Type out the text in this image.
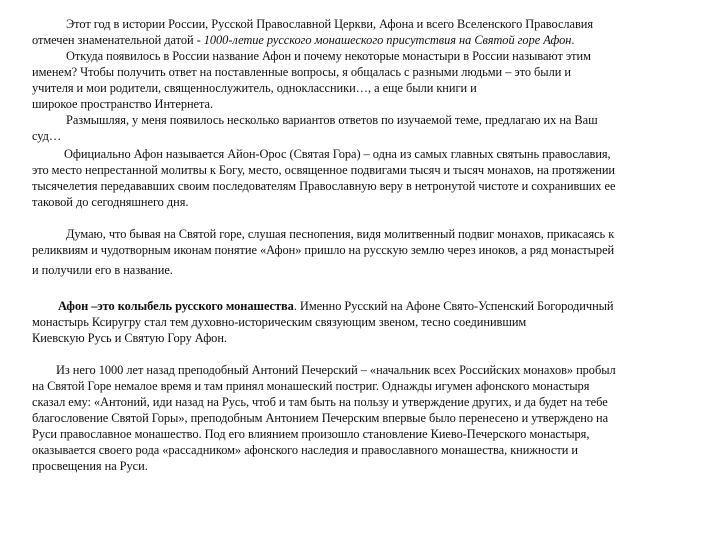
Этот год в истории России, Русской Православной Церкви, Афона и всего Вселенского Православия
отмечен знаменательной датой - 1000-летие русского монашеского присутствия на Святой горе Афон.
Откуда появилось в России название Афон и почему некоторые монастыри в России называют этим
именем? Чтобы получить ответ на поставленные вопросы, я общалась с разными людьми – это были и
учителя и мои родители, священнослужитель, одноклассники…, а еще были книги и
широкое пространство Интернета.
Размышляя, у меня появилось несколько вариантов ответов по изучаемой теме, предлагаю их на Ваш
суд…
Официально Афон называется Айон-Орос (Святая Гора) – одна из самых главных святынь православия,
это место непрестанной молитвы к Богу, место, освященное подвигами тысяч и тысяч монахов, на протяжении
тысячелетия передававших своим последователям Православную веру в нетронутой чистоте и сохранивших ее
таковой до сегодняшнего дня.
Думаю, что бывая на Святой горе, слушая песнопения, видя молитвенный подвиг монахов, прикасаясь к
реликвиям и чудотворным иконам понятие «Афон» пришло на русскую землю через иноков, а ряд монастырей
и получили его в название.
Афон –это колыбель русского монашества. Именно Русский на Афоне Свято-Успенский Богородичный
монастырь Ксиругру стал тем духовно-историческим связующим звеном, тесно соединившим
Киевскую Русь и Святую Гору Афон.
Из него 1000 лет назад преподобный Антоний Печерский – «начальник всех Российских монахов» пробыл
на Святой Горе немалое время и там принял монашеский постриг. Однажды игумен афонского монастыря
сказал ему: «Антоний, иди назад на Русь, чтоб и там быть на пользу и утверждение других, и да будет на тебе
благословение Святой Горы», преподобным Антонием Печерским впервые было перенесено и утверждено на
Руси православное монашество. Под его влиянием произошло становление Киево-Печерского монастыря,
оказывается своего рода «рассадником» афонского наследия и православного монашества, книжности и
просвещения на Руси.
